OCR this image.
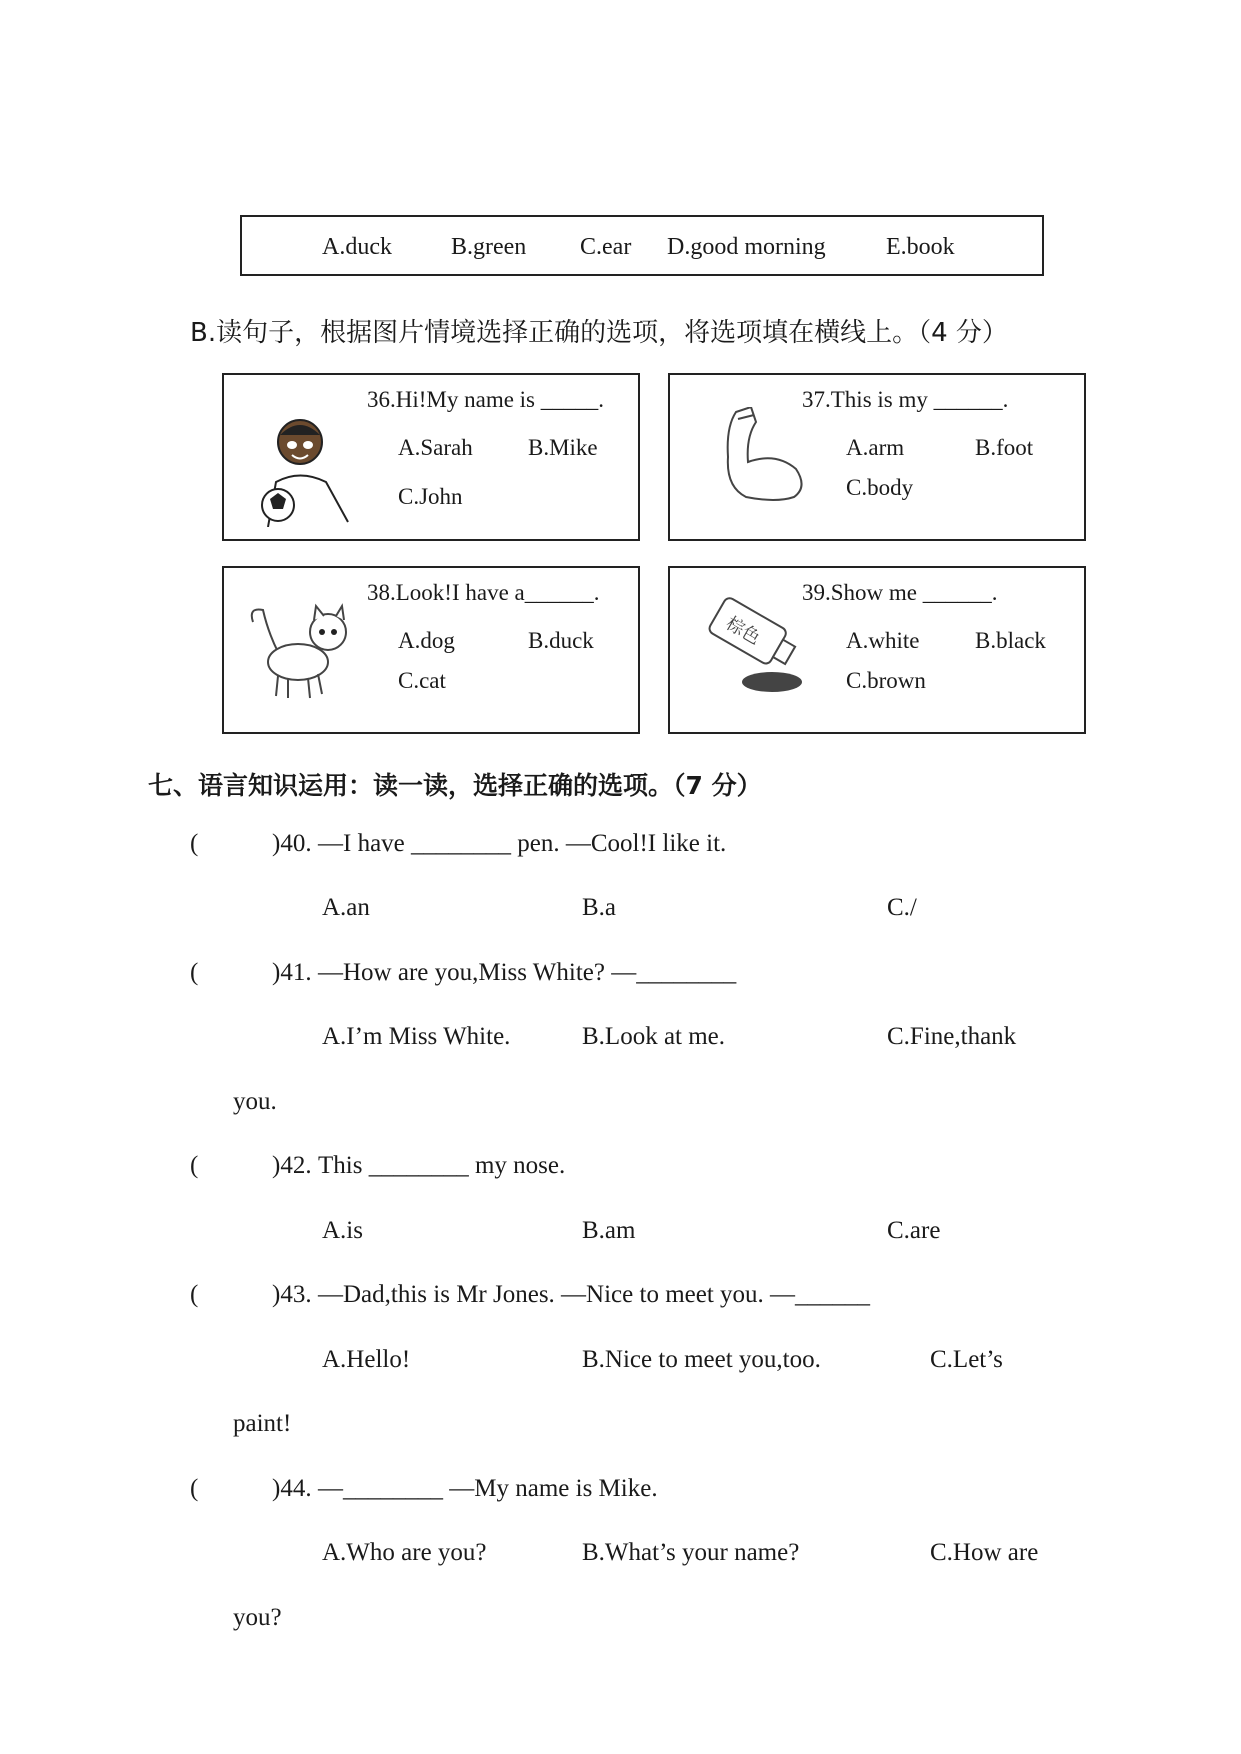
A.duck B.green C.ear D.good morning	E.book
B.读句子，根据图片情境选择正确的选项，将选项填在横线上。（4 分）
36.Hi!My name is _____.
A.Sarah B.Mike
C.John
37.This is my ______.
A.arm	B.foot
C.body
38.Look!I have a______.
A.dog	B.duck
C.cat
棕色
39.Show me ______.
A.white B.black
C.brown
七、语言知识运用：读一读，选择正确的选项。（7 分）
(	)40. —I have ________ pen. —Cool!I like it.
A.an	B.a	C./
(	)41. —How are you,Miss White? —________
A.I’m Miss White.	B.Look at me.	C.Fine,thank
you.
(	)42. This ________ my nose.
A.is	B.am	C.are
(	)43. —Dad,this is Mr Jones. —Nice to meet you. —______
A.Hello!	B.Nice to meet you,too.	C.Let’s
paint!
(	)44. —________ —My name is Mike.
A.Who are you?	B.What’s your name?	C.How are
you?
